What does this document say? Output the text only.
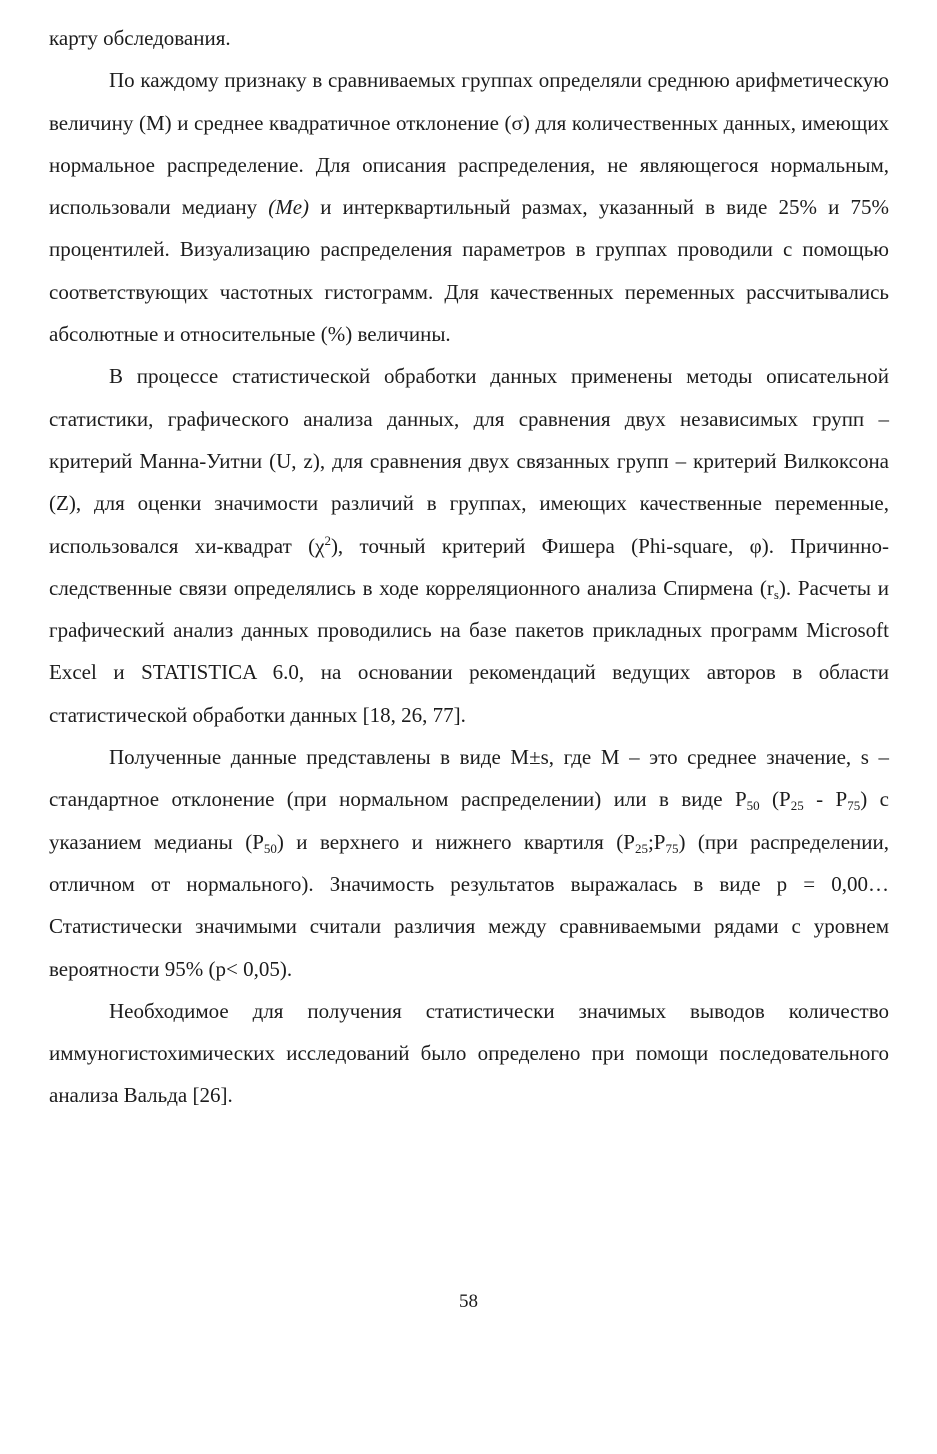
карту обследования.

По каждому признаку в сравниваемых группах определяли среднюю арифметическую величину (М) и среднее квадратичное отклонение (σ) для количественных данных, имеющих нормальное распределение. Для описания распределения, не являющегося нормальным, использовали медиану (Me) и интерквартильный размах, указанный в виде 25% и 75% процентилей. Визуализацию распределения параметров в группах проводили с помощью соответствующих частотных гистограмм. Для качественных переменных рассчитывались абсолютные и относительные (%) величины.

В процессе статистической обработки данных применены методы описательной статистики, графического анализа данных, для сравнения двух независимых групп – критерий Манна-Уитни (U, z), для сравнения двух связанных групп – критерий Вилкоксона (Z), для оценки значимости различий в группах, имеющих качественные переменные, использовался хи-квадрат $(\chi^2)$, точный критерий Фишера (Phi-square, φ). Причинно-следственные связи определялись в ходе корреляционного анализа Спирмена $(r_s)$. Расчеты и графический анализ данных проводились на базе пакетов прикладных программ Microsoft Excel и STATISTICA 6.0, на основании рекомендаций ведущих авторов в области статистической обработки данных [18, 26, 77].

Полученные данные представлены в виде M±s, где М – это среднее значение, s – стандартное отклонение (при нормальном распределении) или в виде $P_{50}$ $(P_{25} - P_{75})$ с указанием медианы $(P_{50})$ и верхнего и нижнего квартиля $(P_{25};P_{75})$ (при распределении, отличном от нормального). Значимость результатов выражалась в виде p = 0,00… Статистически значимыми считали различия между сравниваемыми рядами с уровнем вероятности 95% (p< 0,05).

Необходимое для получения статистически значимых выводов количество иммуногистохимических исследований было определено при помощи последовательного анализа Вальда [26].

58
